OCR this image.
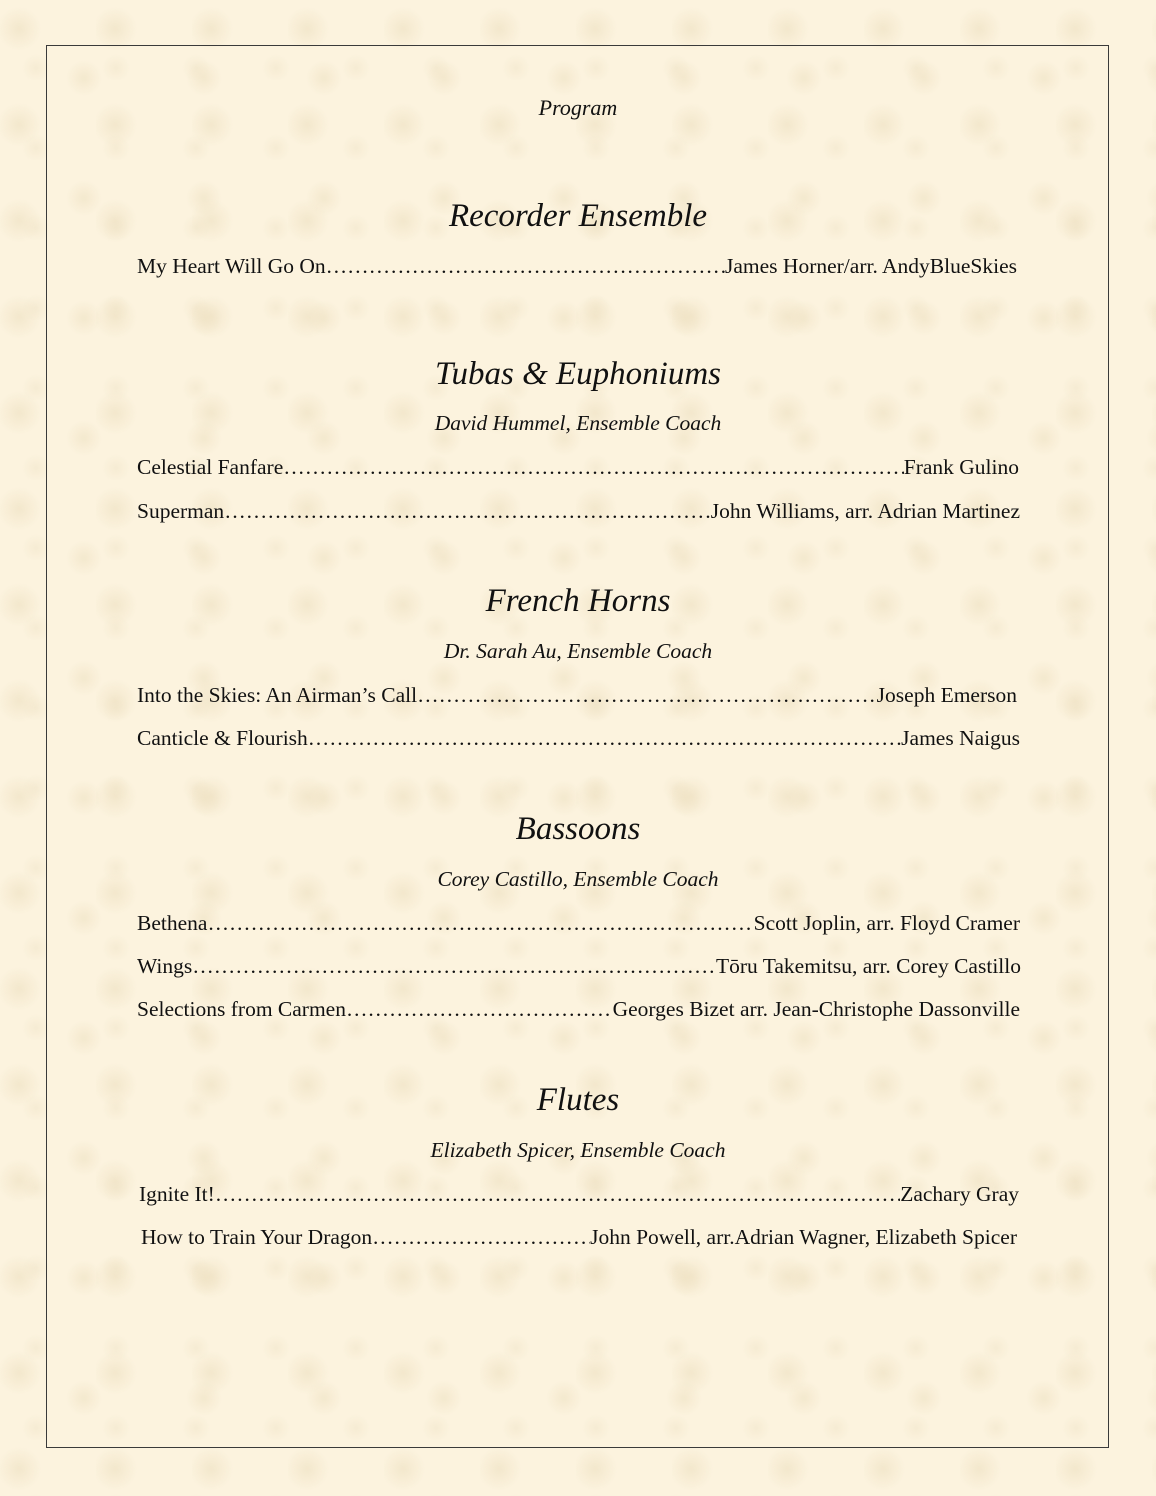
Program
Recorder Ensemble
My Heart Will Go On ……………………………………………………………………………………………………………………………………………………………………	James Horner/arr. AndyBlueSkies
Tubas & Euphoniums
David Hummel, Ensemble Coach
Celestial Fanfare ……………………………………………………………………………………………………………………………………………………………………	Frank Gulino
Superman ……………………………………………………………………………………………………………………………………………………………………	John Williams, arr. Adrian Martinez
French Horns
Dr. Sarah Au, Ensemble Coach
Into the Skies: An Airman’s Call ……………………………………………………………………………………………………………………………………………………………………	Joseph Emerson
Canticle & Flourish ……………………………………………………………………………………………………………………………………………………………………	James Naigus
Bassoons
Corey Castillo, Ensemble Coach
Bethena ……………………………………………………………………………………………………………………………………………………………………	Scott Joplin, arr. Floyd Cramer
Wings ……………………………………………………………………………………………………………………………………………………………………	Tōru Takemitsu, arr. Corey Castillo
Selections from Carmen ……………………………………………………………………………………………………………………………………………………………………	Georges Bizet arr. Jean-Christophe Dassonville
Flutes
Elizabeth Spicer, Ensemble Coach
Ignite It! ……………………………………………………………………………………………………………………………………………………………………	Zachary Gray
How to Train Your Dragon ……………………………………………………………………………………………………………………………………………………………………	John Powell, arr.Adrian Wagner, Elizabeth Spicer
